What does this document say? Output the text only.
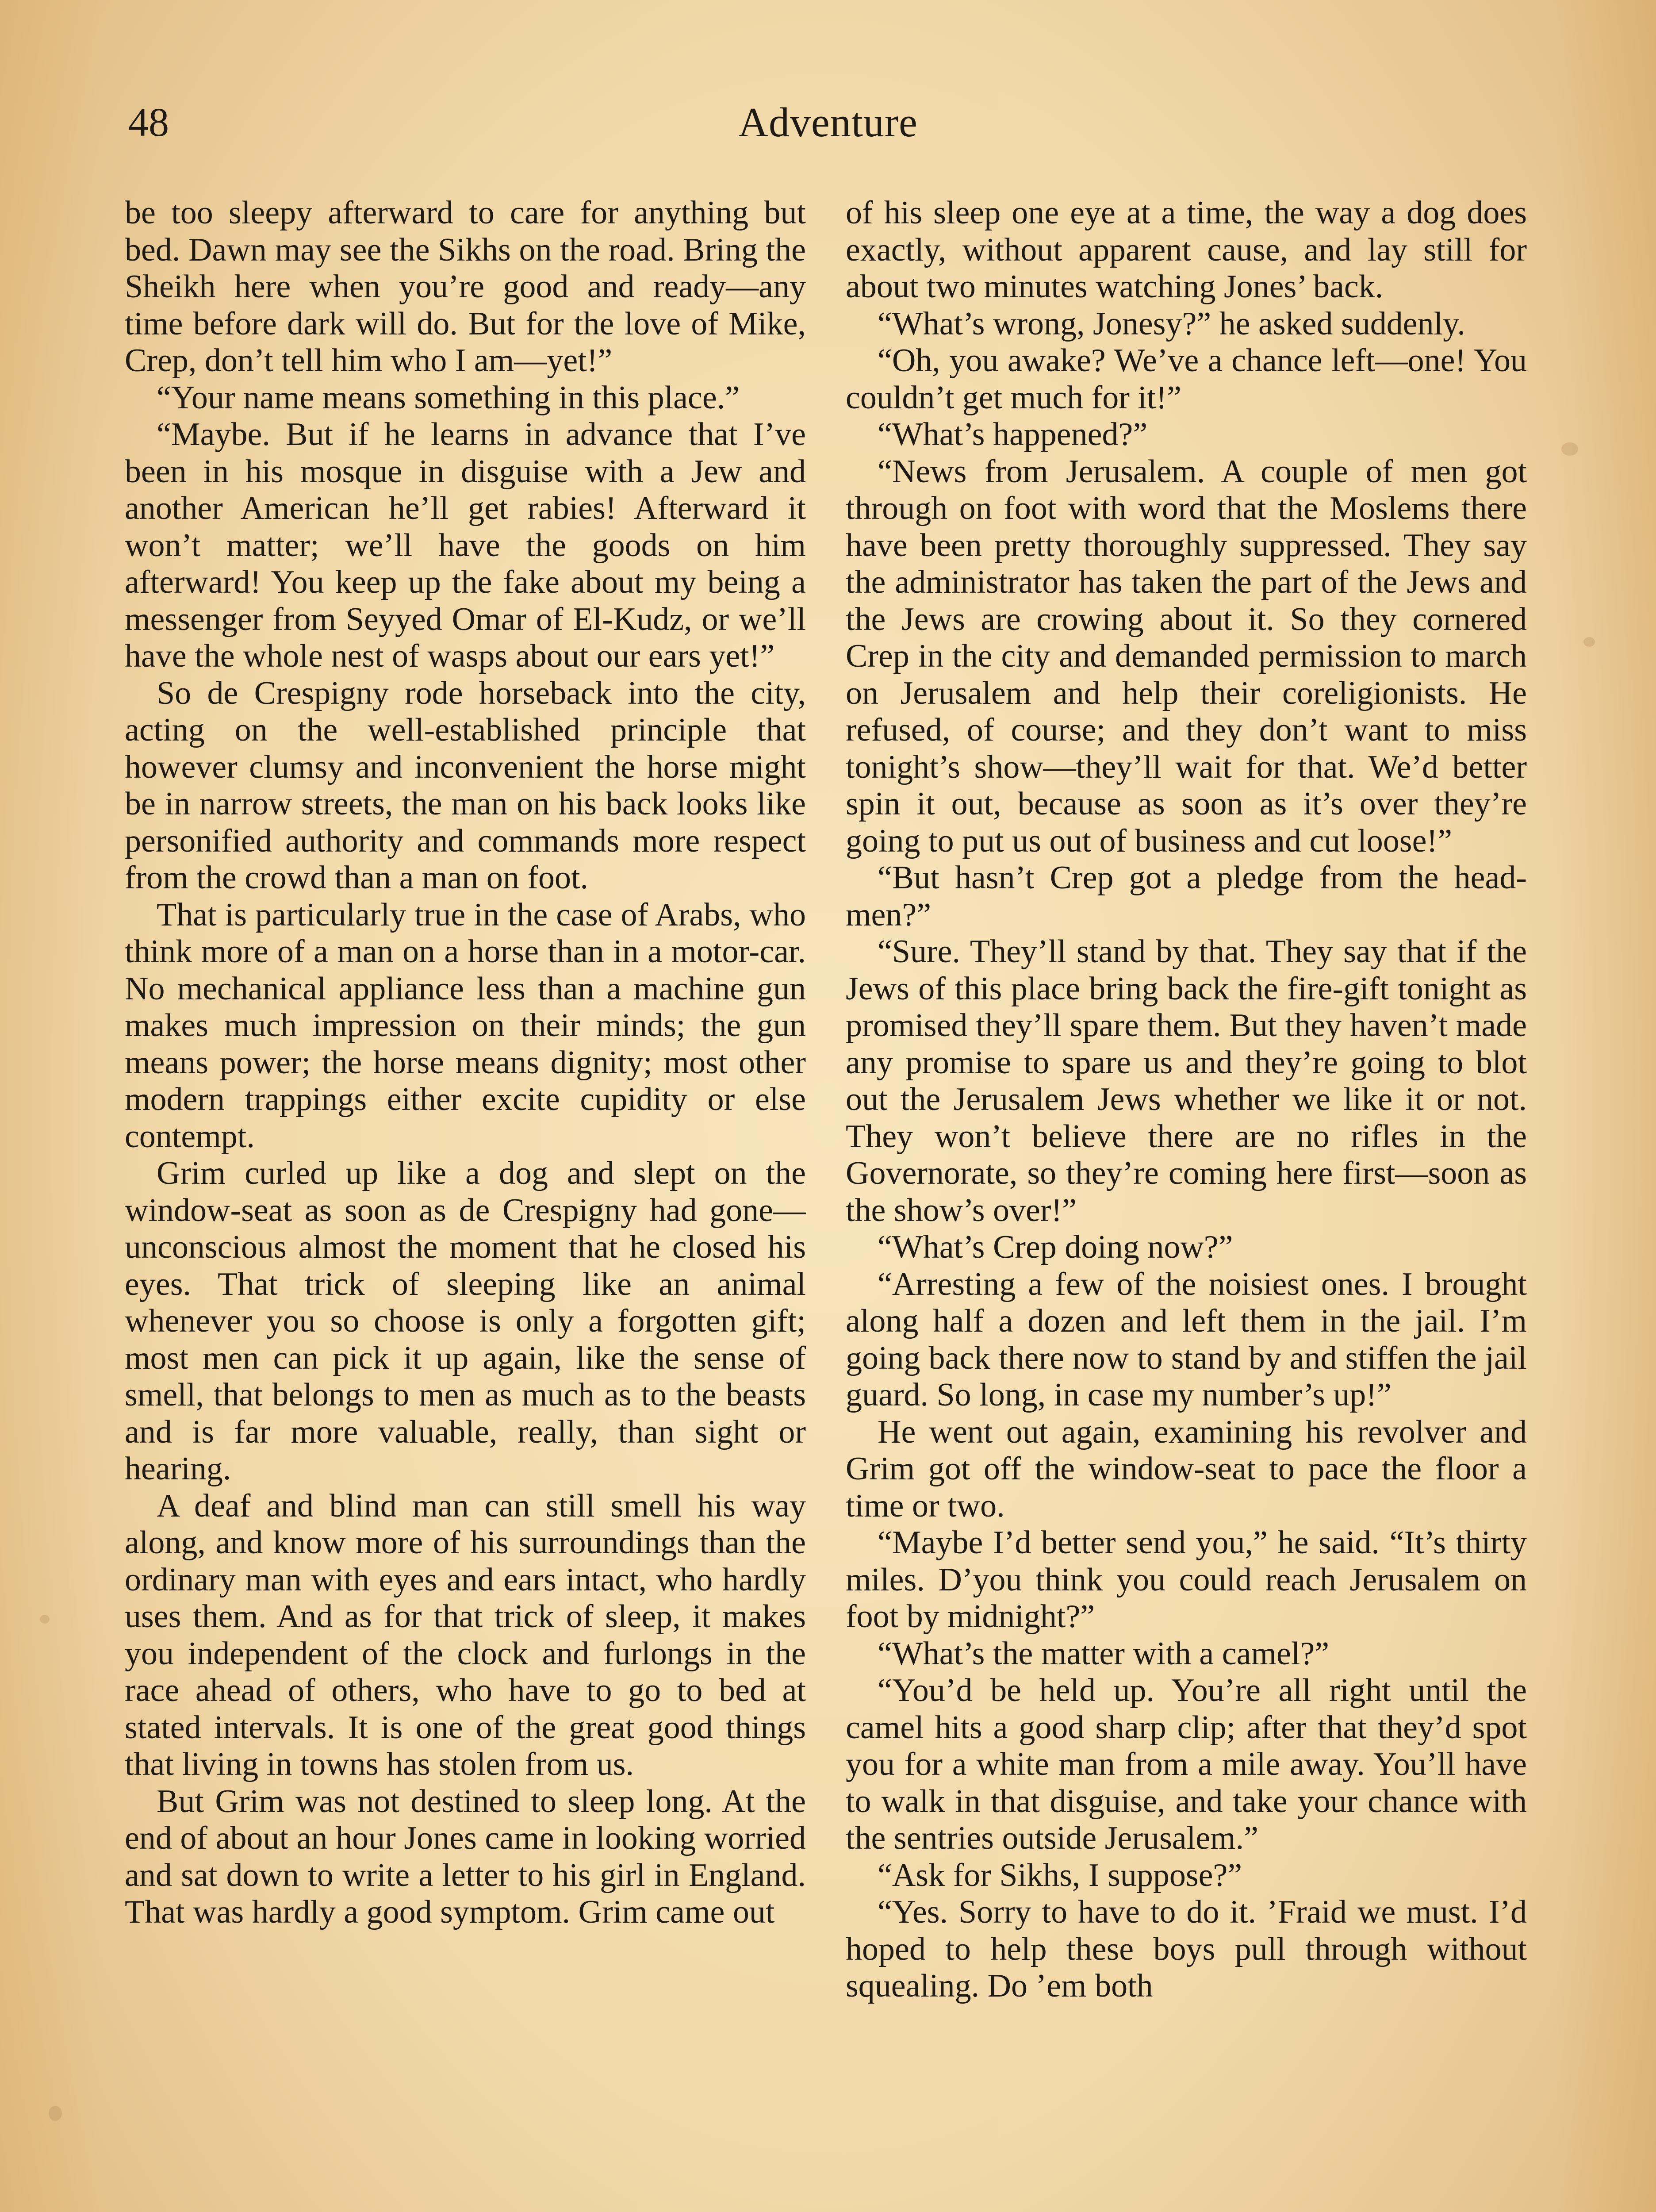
48	Adventure

be too sleepy afterward to care for anything but bed. Dawn may see the Sikhs on the road. Bring the Sheikh here when you’re good and ready—any time before dark will do. But for the love of Mike, Crep, don’t tell him who I am—yet!”

“Your name means something in this place.”

“Maybe. But if he learns in advance that I’ve been in his mosque in disguise with a Jew and another American he’ll get rabies! Afterward it won’t matter; we’ll have the goods on him afterward! You keep up the fake about my being a messenger from Seyyed Omar of El-Kudz, or we’ll have the whole nest of wasps about our ears yet!”

So de Crespigny rode horseback into the city, acting on the well-established principle that however clumsy and inconvenient the horse might be in narrow streets, the man on his back looks like personified authority and commands more respect from the crowd than a man on foot.

That is particularly true in the case of Arabs, who think more of a man on a horse than in a motor-car. No mechanical appliance less than a machine gun makes much impression on their minds; the gun means power; the horse means dignity; most other modern trappings either excite cupidity or else contempt.

Grim curled up like a dog and slept on the window-seat as soon as de Crespigny had gone—unconscious almost the moment that he closed his eyes. That trick of sleeping like an animal whenever you so choose is only a forgotten gift; most men can pick it up again, like the sense of smell, that belongs to men as much as to the beasts and is far more valuable, really, than sight or hearing.

A deaf and blind man can still smell his way along, and know more of his surroundings than the ordinary man with eyes and ears intact, who hardly uses them. And as for that trick of sleep, it makes you independent of the clock and furlongs in the race ahead of others, who have to go to bed at stated intervals. It is one of the great good things that living in towns has stolen from us.

But Grim was not destined to sleep long. At the end of about an hour Jones came in looking worried and sat down to write a letter to his girl in England. That was hardly a good symptom. Grim came out

of his sleep one eye at a time, the way a dog does exactly, without apparent cause, and lay still for about two minutes watching Jones’ back.

“What’s wrong, Jonesy?” he asked suddenly.

“Oh, you awake? We’ve a chance left—one! You couldn’t get much for it!”

“What’s happened?”

“News from Jerusalem. A couple of men got through on foot with word that the Moslems there have been pretty thoroughly suppressed. They say the administrator has taken the part of the Jews and the Jews are crowing about it. So they cornered Crep in the city and demanded permission to march on Jerusalem and help their coreligionists. He refused, of course; and they don’t want to miss tonight’s show—they’ll wait for that. We’d better spin it out, because as soon as it’s over they’re going to put us out of business and cut loose!”

“But hasn’t Crep got a pledge from the head-men?”

“Sure. They’ll stand by that. They say that if the Jews of this place bring back the fire-gift tonight as promised they’ll spare them. But they haven’t made any promise to spare us and they’re going to blot out the Jerusalem Jews whether we like it or not. They won’t believe there are no rifles in the Governorate, so they’re coming here first—soon as the show’s over!”

“What’s Crep doing now?”

“Arresting a few of the noisiest ones. I brought along half a dozen and left them in the jail. I’m going back there now to stand by and stiffen the jail guard. So long, in case my number’s up!”

He went out again, examining his revolver and Grim got off the window-seat to pace the floor a time or two.

“Maybe I’d better send you,” he said. “It’s thirty miles. D’you think you could reach Jerusalem on foot by midnight?”

“What’s the matter with a camel?”

“You’d be held up. You’re all right until the camel hits a good sharp clip; after that they’d spot you for a white man from a mile away. You’ll have to walk in that disguise, and take your chance with the sentries outside Jerusalem.”

“Ask for Sikhs, I suppose?”

“Yes. Sorry to have to do it. ’Fraid we must. I’d hoped to help these boys pull through without squealing. Do ’em both
